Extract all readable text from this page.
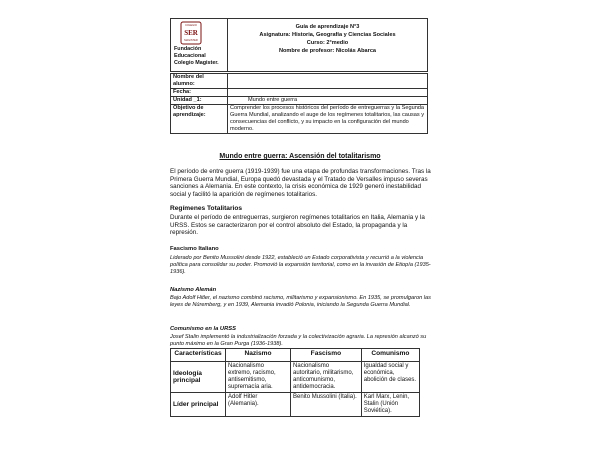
COLEGIO
SER
MAGISTER
Fundación
Educacional
Colegio Magister.
Guía de aprendizaje N°3
Asignatura: Historia, Geografía y Ciencias Sociales
Curso: 2°medio
Nombre de profesor: Nicolás Abarca
Nombre del alumno:	
Fecha:	
Unidad _1:	Mundo entre guerra
Objetivo de aprendizaje:	Comprender los procesos históricos del período de entreguerras y la Segunda Guerra Mundial, analizando el auge de los regímenes totalitarios, las causas y consecuencias del conflicto, y su impacto en la configuración del mundo moderno.
Mundo entre guerra: Ascensión del totalitarismo
El período de entre guerra (1919-1939) fue una etapa de profundas transformaciones. Tras la Primera Guerra Mundial, Europa quedó devastada y el Tratado de Versalles impuso severas sanciones a Alemania. En este contexto, la crisis económica de 1929 generó inestabilidad social y facilitó la aparición de regímenes totalitarios.
Regímenes Totalitarios
Durante el período de entreguerras, surgieron regímenes totalitarios en Italia, Alemania y la URSS. Estos se caracterizaron por el control absoluto del Estado, la propaganda y la represión.
Fascismo Italiano
Liderado por Benito Mussolini desde 1922, estableció un Estado corporativista y recurrió a la violencia política para consolidar su poder. Promovió la expansión territorial, como en la invasión de Etiopía (1935-1936).
Nazismo Alemán
Bajo Adolf Hitler, el nazismo combinó racismo, militarismo y expansionismo. En 1935, se promulgaron las leyes de Núremberg, y en 1939, Alemania invadió Polonia, iniciando la Segunda Guerra Mundial.
Comunismo en la URSS
Josef Stalin implementó la industrialización forzada y la colectivización agraria. La represión alcanzó su punto máximo en la Gran Purga (1936-1938).
Características	Nazismo	Fascismo	Comunismo
Ideología principal	Nacionalismo extremo, racismo, antisemitismo, supremacía aria.	Nacionalismo autoritario, militarismo, anticomunismo, antidemocracia.	Igualdad social y económica, abolición de clases.
Líder principal	Adolf Hitler (Alemania).	Benito Mussolini (Italia).	Karl Marx, Lenin, Stalin (Unión Soviética).
